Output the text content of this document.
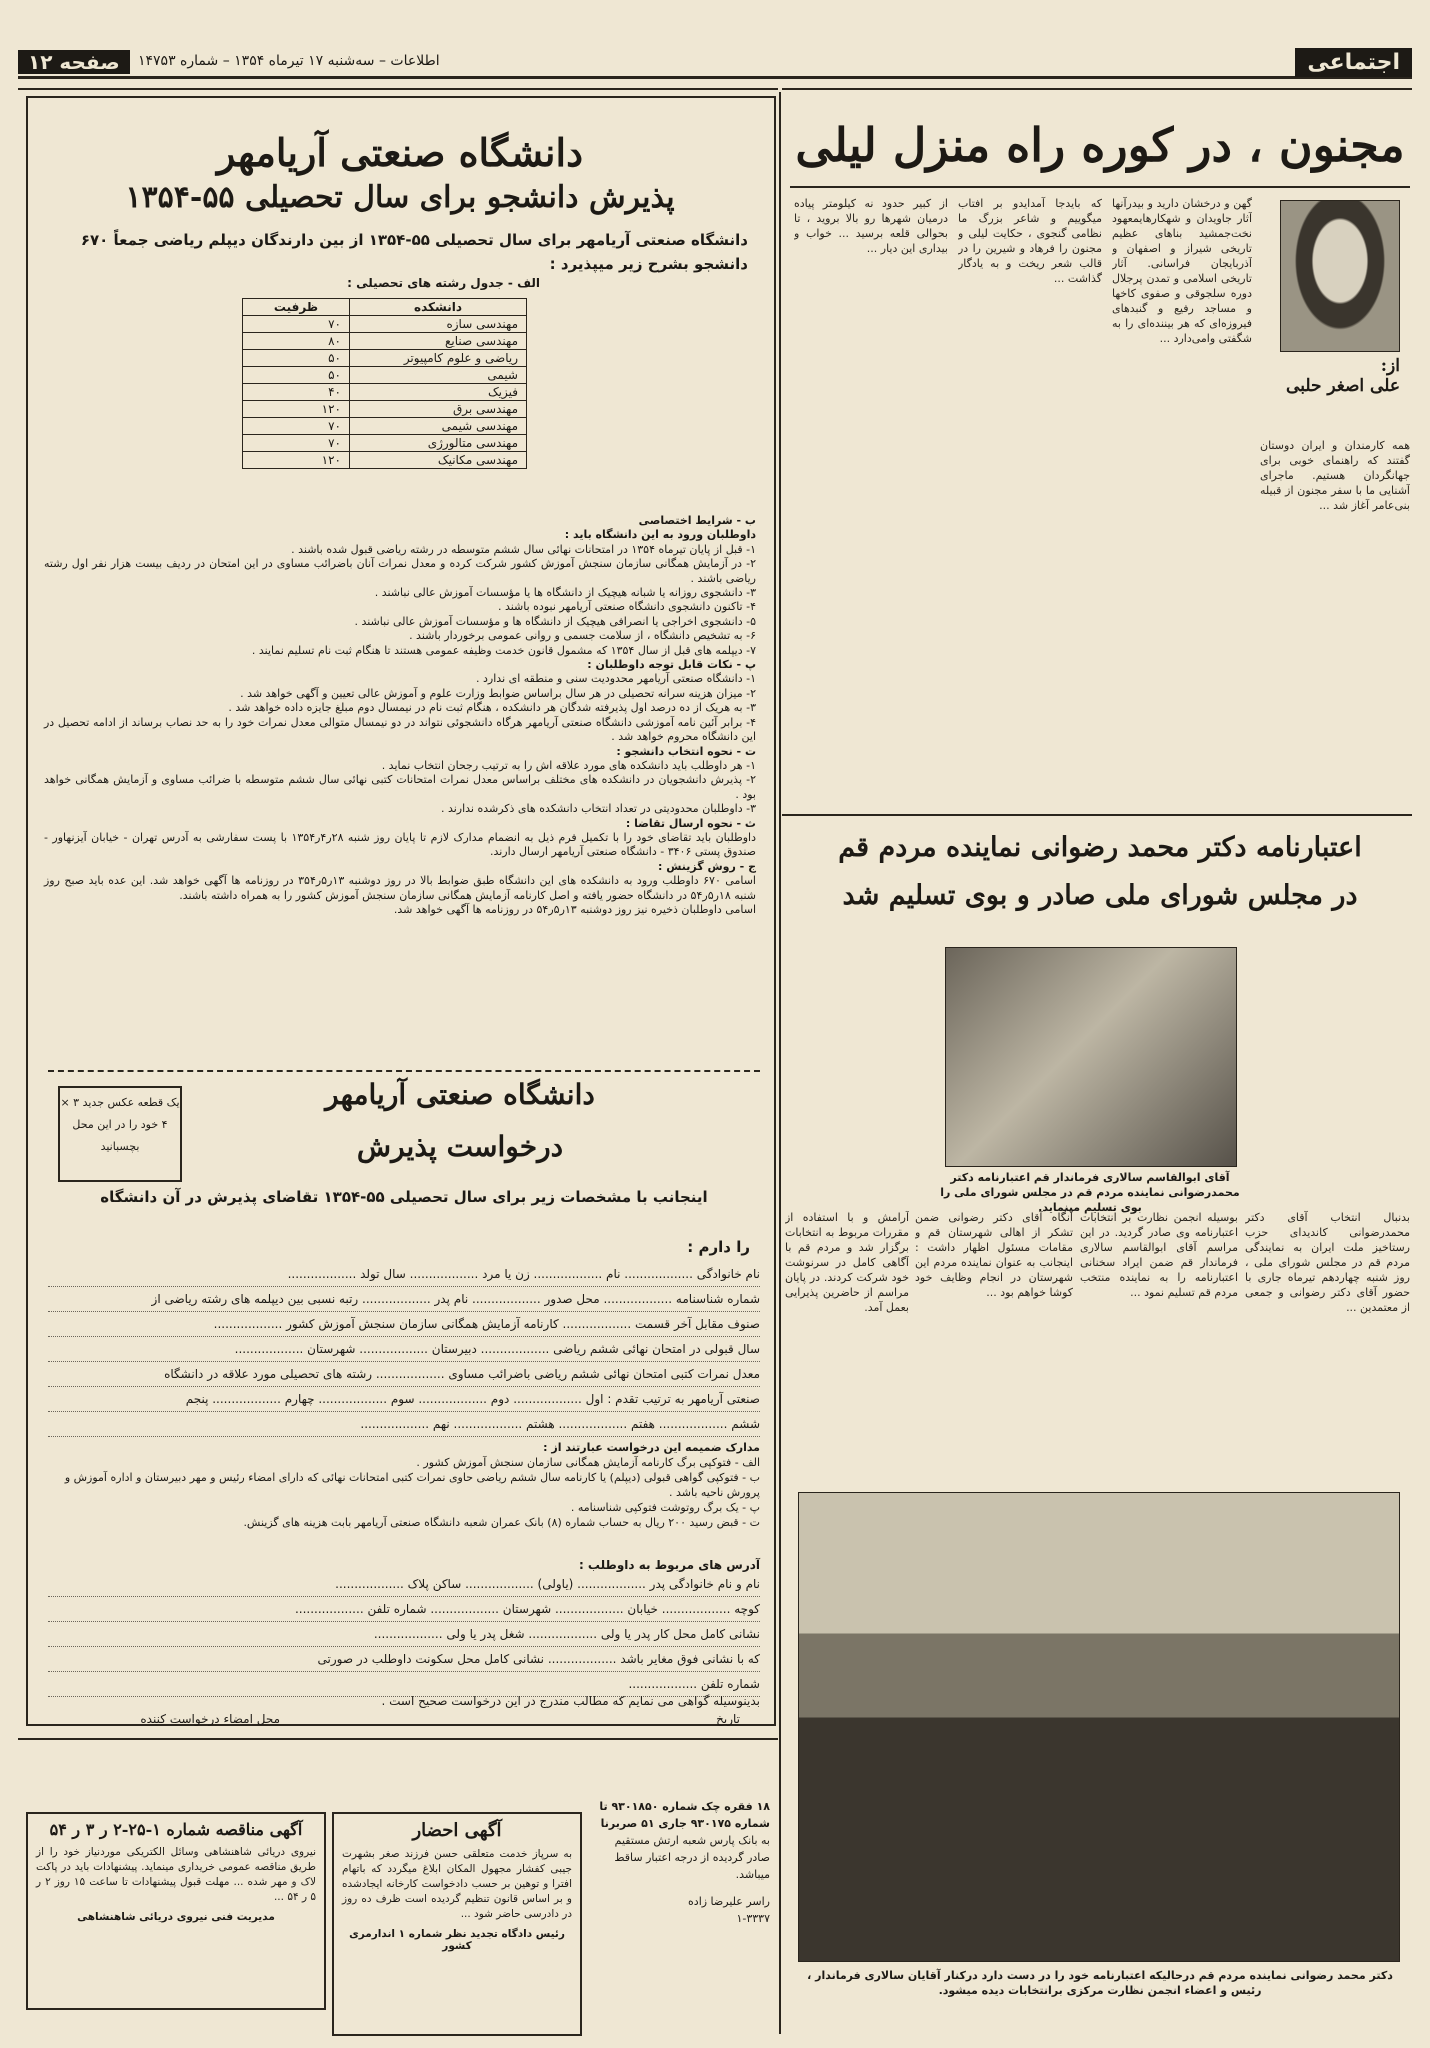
اجتماعی
اطلاعات – سه‌شنبه ۱۷ تیرماه ۱۳۵۴ – شماره ۱۴۷۵۳
صفحه ۱۲
مجنون ، در کوره راه منزل لیلی
از:
علی اصغر حلبی
همه کارمندان و ایران دوستان گفتند که راهنمای خوبی برای جهانگردان هستیم. ماجرای آشنایی ما با سفر مجنون از قبیله بنی‌عامر آغاز شد ...
گهن و درخشان دارید و بیدرآنها آثار جاویدان و شهکارهایمعهود نخت‌جمشید بناهای عظیم تاریخی شیراز و اصفهان و آذربایجان فراسانی. آثار تاریخی اسلامی و تمدن پرجلال دوره سلجوقی و صفوی کاخها و مساجد رفیع و گنبدهای فیروزه‌ای که هر بیننده‌ای را به شگفتی وامی‌دارد ...
که بایدجا آمدایدو بر افتاب میگوییم و شاعر بزرگ ما نظامی گنجوی ، حکایت لیلی و مجنون را فرهاد و شیرین را در قالب شعر ریخت و به یادگار گذاشت ...
از کبیر حدود نه کیلومتر پیاده درمیان شهرها رو بالا بروید ، تا بحوالی قلعه برسید ... خواب و بیداری این دیار ...
اعتبارنامه دکتر محمد رضوانی نماینده مردم قم
در مجلس شورای ملی صادر و بوی تسلیم شد
آقای ابوالقاسم سالاری فرماندار قم اعتبارنامه دکتر محمدرضوانی نماینده مردم قم در مجلس شورای ملی را بوی تسلیم مینماید.
بدنبال انتخاب آقای دکتر محمدرضوانی کاندیدای حزب رستاخیز ملت ایران به نمایندگی مردم قم در مجلس شورای ملی ، روز شنبه چهاردهم تیرماه جاری با حضور آقای دکتر رضوانی و جمعی از معتمدین ...
بوسیله انجمن نظارت بر انتخابات اعتبارنامه وی صادر گردید. در این مراسم آقای ابوالقاسم سالاری فرماندار قم ضمن ایراد سخنانی اعتبارنامه را به نماینده منتخب مردم قم تسلیم نمود ...
آنگاه آقای دکتر رضوانی ضمن تشکر از اهالی شهرستان قم و مقامات مسئول اظهار داشت : اینجانب به عنوان نماینده مردم این شهرستان در انجام وظایف خود کوشا خواهم بود ...
آرامش و با استفاده از مقررات مربوط به انتخابات برگزار شد و مردم قم با آگاهی کامل در سرنوشت خود شرکت کردند. در پایان مراسم از حاضرین پذیرایی بعمل آمد.
دکتر محمد رضوانی نماینده مردم قم درحالیکه اعتبارنامه خود را در دست دارد درکنار آقایان سالاری فرماندار ، رئیس و اعضاء انجمن نظارت مرکزی برانتخابات دیده میشود.
دانشگاه صنعتی آریامهر
پذیرش دانشجو برای سال تحصیلی ۵۵-۱۳۵۴
دانشگاه صنعتی آریامهر برای سال تحصیلی ۵۵-۱۳۵۴ از بین دارندگان دیپلم ریاضی جمعاً ۶۷۰ دانشجو بشرح زیر میپذیرد :
الف - جدول رشته های تحصیلی :
دانشکده	ظرفیت
مهندسی سازه	۷۰
مهندسی صنایع	۸۰
ریاضی و علوم کامپیوتر	۵۰
شیمی	۵۰
فیزیک	۴۰
مهندسی برق	۱۲۰
مهندسی شیمی	۷۰
مهندسی متالورژی	۷۰
مهندسی مکانیک	۱۲۰
ب - شرایط اختصاصی
داوطلبان ورود به این دانشگاه باید :
۱- قبل از پایان تیرماه ۱۳۵۴ در امتحانات نهائی سال ششم متوسطه در رشته ریاضی قبول شده باشند .
۲- در آزمایش همگانی سازمان سنجش آموزش کشور شرکت کرده و معدل نمرات آنان باضرائب مساوی در این امتحان در ردیف بیست هزار نفر اول رشته ریاضی باشند .
۳- دانشجوی روزانه یا شبانه هیچیک از دانشگاه ها یا مؤسسات آموزش عالی نباشند .
۴- تاکنون دانشجوی دانشگاه صنعتی آریامهر نبوده باشند .
۵- دانشجوی اخراجی یا انصرافی هیچیک از دانشگاه ها و مؤسسات آموزش عالی نباشند .
۶- به تشخیص دانشگاه ، از سلامت جسمی و روانی عمومی برخوردار باشند .
۷- دیپلمه های قبل از سال ۱۳۵۴ که مشمول قانون خدمت وظیفه عمومی هستند تا هنگام ثبت نام تسلیم نمایند .
پ - نکات قابل توجه داوطلبان :
۱- دانشگاه صنعتی آریامهر محدودیت سنی و منطقه ای ندارد .
۲- میزان هزینه سرانه تحصیلی در هر سال براساس ضوابط وزارت علوم و آموزش عالی تعیین و آگهی خواهد شد .
۳- به هریک از ده درصد اول پذیرفته شدگان هر دانشکده ، هنگام ثبت نام در نیمسال دوم مبلغ جایزه داده خواهد شد .
۴- برابر آئین نامه آموزشی دانشگاه صنعتی آریامهر هرگاه دانشجوئی نتواند در دو نیمسال متوالی معدل نمرات خود را به حد نصاب برساند از ادامه تحصیل در این دانشگاه محروم خواهد شد .
ت - نحوه انتخاب دانشجو :
۱- هر داوطلب باید دانشکده های مورد علاقه اش را به ترتیب رجحان انتخاب نماید .
۲- پذیرش دانشجویان در دانشکده های مختلف براساس معدل نمرات امتحانات کتبی نهائی سال ششم متوسطه با ضرائب مساوی و آزمایش همگانی خواهد بود .
۳- داوطلبان محدودیتی در تعداد انتخاب دانشکده های ذکرشده ندارند .
ث - نحوه ارسال تقاضا :
داوطلبان باید تقاضای خود را با تکمیل فرم ذیل به انضمام مدارک لازم تا پایان روز شنبه ۲۸ر۴ر۱۳۵۴ با پست سفارشی به آدرس تهران - خیابان آیزنهاور - صندوق پستی ۳۴۰۶ - دانشگاه صنعتی آریامهر ارسال دارند.
ج - روش گزینش :
اسامی ۶۷۰ داوطلب ورود به دانشکده های این دانشگاه طبق ضوابط بالا در روز دوشنبه ۱۳ر۵ر۳۵۴ در روزنامه ها آگهی خواهد شد. این عده باید صبح روز شنبه ۱۸ر۵ر۵۴ در دانشگاه حضور یافته و اصل کارنامه آزمایش همگانی سازمان سنجش آموزش کشور را به همراه داشته باشند.
اسامی داوطلبان ذخیره نیز روز دوشنبه ۱۳ر۵ر۵۴ در روزنامه ها آگهی خواهد شد.
یک قطعه عکس جدید ۳ × ۴ خود را در این محل بچسبانید
دانشگاه صنعتی آریامهر
درخواست پذیرش
اینجانب با مشخصات زیر برای سال تحصیلی ۵۵-۱۳۵۴ تقاضای پذیرش در آن دانشگاه
را دارم :
نام خانوادگی .................. نام .................. زن یا مرد .................. سال تولد ..................
شماره شناسنامه .................. محل صدور .................. نام پدر .................. رتبه نسبی بین دیپلمه های رشته ریاضی از
صنوف مقابل آخر قسمت .................. کارنامه آزمایش همگانی سازمان سنجش آموزش کشور ..................
سال قبولی در امتحان نهائی ششم ریاضی .................. دبیرستان .................. شهرستان ..................
معدل نمرات کتبی امتحان نهائی ششم ریاضی باضرائب مساوی .................. رشته های تحصیلی مورد علاقه در دانشگاه
صنعتی آریامهر به ترتیب تقدم : اول .................. دوم .................. سوم .................. چهارم .................. پنجم
ششم .................. هفتم .................. هشتم .................. نهم ..................
مدارک ضمیمه این درخواست عبارتند از :
الف - فتوکپی برگ کارنامه آزمایش همگانی سازمان سنجش آموزش کشور .
ب - فتوکپی گواهی قبولی (دیپلم) یا کارنامه سال ششم ریاضی حاوی نمرات کتبی امتحانات نهائی که دارای امضاء رئیس و مهر دبیرستان و اداره آموزش و پرورش ناحیه باشد .
پ - یک برگ روتوشت فتوکپی شناسنامه .
ت - قبض رسید ۲۰۰ ریال به حساب شماره (۸) بانک عمران شعبه دانشگاه صنعتی آریامهر بابت هزینه های گزینش.
آدرس های مربوط به داوطلب :
نام و نام خانوادگی پدر .................. (یاولی) .................. ساکن پلاک ..................
کوچه .................. خیابان .................. شهرستان .................. شماره تلفن ..................
نشانی کامل محل کار پدر یا ولی .................. شغل پدر یا ولی ..................
که با نشانی فوق مغایر باشد .................. نشانی کامل محل سکونت داوطلب در صورتی
شماره تلفن ..................
بدینوسیله گواهی می نمایم که مطالب مندرج در این درخواست صحیح است .
تاریخ
محل امضاء درخواست کننده
۱۸ فقره چک شماره ۹۳۰۱۸۵۰ تا شماره ۹۳۰۱۷۵ جاری ۵۱ صربرنا
به بانک پارس شعبه ارتش مستقیم صادر گردیده از درجه اعتبار ساقط میباشد.
راسر علیرضا زاده
۱-۳۳۳۷
آگهی احضار
به سرپاز خدمت متعلقی حسن فرزند صغر بشهرت جیبی کفشار مجهول المکان ابلاغ میگردد که باتهام افترا و توهین بر حسب دادخواست کارخانه ایجادشده و بر اساس قانون تنظیم گردیده است ظرف ده روز در دادرسی حاضر شود ...
رئیس دادگاه تجدید نظر شماره ۱ اندارمری کشور
آگهی مناقصه شماره ۱-۲۵-۲ ر ۳ ر ۵۴
نیروی دریائی شاهنشاهی وسائل الکتریکی موردنیاز خود را از طریق مناقصه عمومی خریداری مینماید. پیشنهادات باید در پاکت لاک و مهر شده ... مهلت قبول پیشنهادات تا ساعت ۱۵ روز ۲ ر ۵ ر ۵۴ ...
مدیریت فنی نیروی دریائی شاهنشاهی
